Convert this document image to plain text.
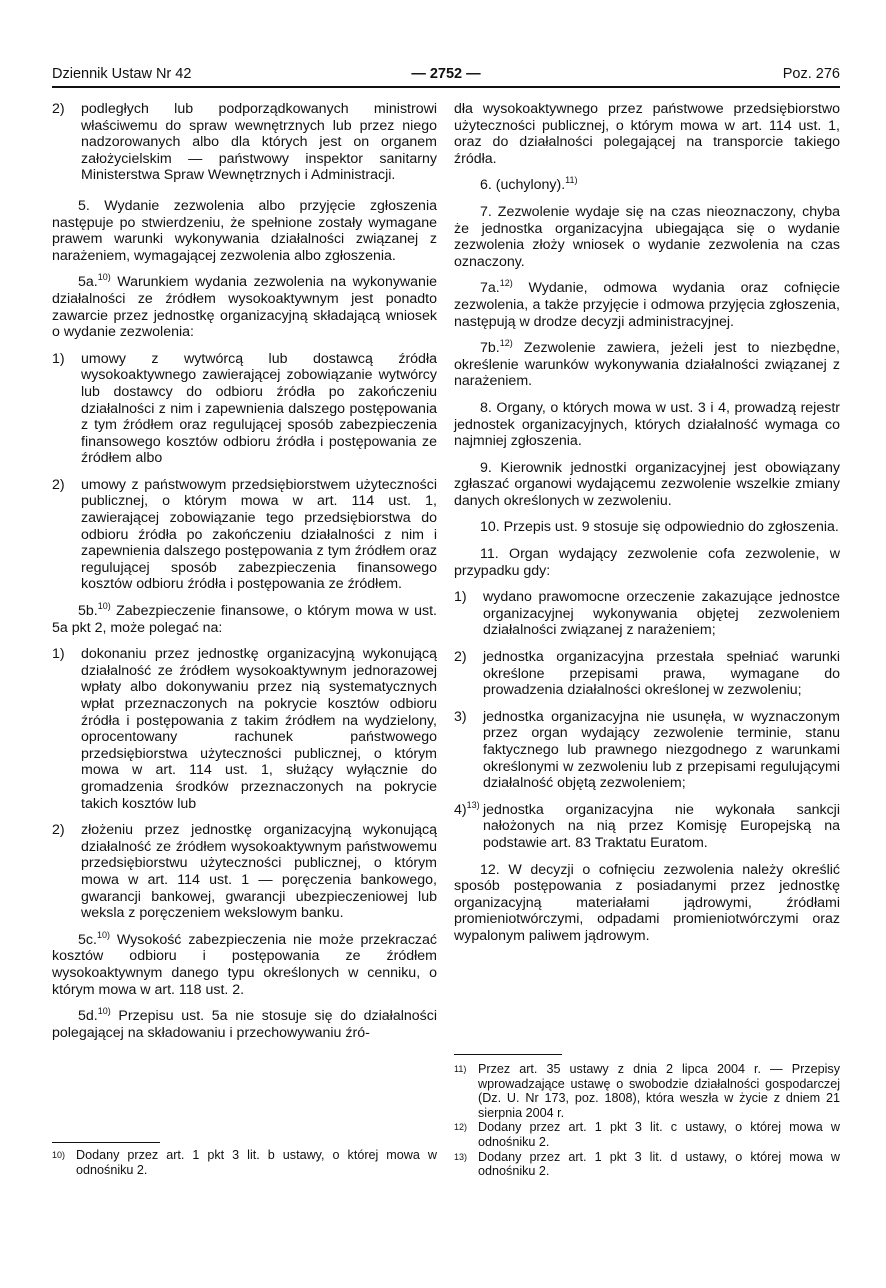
Dziennik Ustaw Nr 42	— 2752 —	Poz. 276
2) podległych lub podporządkowanych ministrowi właściwemu do spraw wewnętrznych lub przez niego nadzorowanych albo dla których jest on organem założycielskim — państwowy inspektor sanitarny Ministerstwa Spraw Wewnętrznych i Administracji.

5. Wydanie zezwolenia albo przyjęcie zgłoszenia następuje po stwierdzeniu, że spełnione zostały wymagane prawem warunki wykonywania działalności związanej z narażeniem, wymagającej zezwolenia albo zgłoszenia.

5a.$^{10)}$ Warunkiem wydania zezwolenia na wykonywanie działalności ze źródłem wysokoaktywnym jest ponadto zawarcie przez jednostkę organizacyjną składającą wniosek o wydanie zezwolenia:

1) umowy z wytwórcą lub dostawcą źródła wysokoaktywnego zawierającej zobowiązanie wytwórcy lub dostawcy do odbioru źródła po zakończeniu działalności z nim i zapewnienia dalszego postępowania z tym źródłem oraz regulującej sposób zabezpieczenia finansowego kosztów odbioru źródła i postępowania ze źródłem albo
2) umowy z państwowym przedsiębiorstwem użyteczności publicznej, o którym mowa w art. 114 ust. 1, zawierającej zobowiązanie tego przedsiębiorstwa do odbioru źródła po zakończeniu działalności z nim i zapewnienia dalszego postępowania z tym źródłem oraz regulującej sposób zabezpieczenia finansowego kosztów odbioru źródła i postępowania ze źródłem.

5b.$^{10)}$ Zabezpieczenie finansowe, o którym mowa w ust. 5a pkt 2, może polegać na:

1) dokonaniu przez jednostkę organizacyjną wykonującą działalność ze źródłem wysokoaktywnym jednorazowej wpłaty albo dokonywaniu przez nią systematycznych wpłat przeznaczonych na pokrycie kosztów odbioru źródła i postępowania z takim źródłem na wydzielony, oprocentowany rachunek państwowego przedsiębiorstwa użyteczności publicznej, o którym mowa w art. 114 ust. 1, służący wyłącznie do gromadzenia środków przeznaczonych na pokrycie takich kosztów lub
2) złożeniu przez jednostkę organizacyjną wykonującą działalność ze źródłem wysokoaktywnym państwowemu przedsiębiorstwu użyteczności publicznej, o którym mowa w art. 114 ust. 1 — poręczenia bankowego, gwarancji bankowej, gwarancji ubezpieczeniowej lub weksla z poręczeniem wekslowym banku.

5c.$^{10)}$ Wysokość zabezpieczenia nie może przekraczać kosztów odbioru i postępowania ze źródłem wysokoaktywnym danego typu określonych w cenniku, o którym mowa w art. 118 ust. 2.

5d.$^{10)}$ Przepisu ust. 5a nie stosuje się do działalności polegającej na składowaniu i przechowywaniu źró-

10) Dodany przez art. 1 pkt 3 lit. b ustawy, o której mowa w odnośniku 2.

dła wysokoaktywnego przez państwowe przedsiębiorstwo użyteczności publicznej, o którym mowa w art. 114 ust. 1, oraz do działalności polegającej na transporcie takiego źródła.

6. (uchylony).$^{11)}$

7. Zezwolenie wydaje się na czas nieoznaczony, chyba że jednostka organizacyjna ubiegająca się o wydanie zezwolenia złoży wniosek o wydanie zezwolenia na czas oznaczony.

7a.$^{12)}$ Wydanie, odmowa wydania oraz cofnięcie zezwolenia, a także przyjęcie i odmowa przyjęcia zgłoszenia, następują w drodze decyzji administracyjnej.

7b.$^{12)}$ Zezwolenie zawiera, jeżeli jest to niezbędne, określenie warunków wykonywania działalności związanej z narażeniem.

8. Organy, o których mowa w ust. 3 i 4, prowadzą rejestr jednostek organizacyjnych, których działalność wymaga co najmniej zgłoszenia.

9. Kierownik jednostki organizacyjnej jest obowiązany zgłaszać organowi wydającemu zezwolenie wszelkie zmiany danych określonych w zezwoleniu.

10. Przepis ust. 9 stosuje się odpowiednio do zgłoszenia.

11. Organ wydający zezwolenie cofa zezwolenie, w przypadku gdy:

1) wydano prawomocne orzeczenie zakazujące jednostce organizacyjnej wykonywania objętej zezwoleniem działalności związanej z narażeniem;
2) jednostka organizacyjna przestała spełniać warunki określone przepisami prawa, wymagane do prowadzenia działalności określonej w zezwoleniu;
3) jednostka organizacyjna nie usunęła, w wyznaczonym przez organ wydający zezwolenie terminie, stanu faktycznego lub prawnego niezgodnego z warunkami określonymi w zezwoleniu lub z przepisami regulującymi działalność objętą zezwoleniem;
4)$^{13)}$ jednostka organizacyjna nie wykonała sankcji nałożonych na nią przez Komisję Europejską na podstawie art. 83 Traktatu Euratom.

12. W decyzji o cofnięciu zezwolenia należy określić sposób postępowania z posiadanymi przez jednostkę organizacyjną materiałami jądrowymi, źródłami promieniotwórczymi, odpadami promieniotwórczymi oraz wypalonym paliwem jądrowym.

11) Przez art. 35 ustawy z dnia 2 lipca 2004 r. — Przepisy wprowadzające ustawę o swobodzie działalności gospodarczej (Dz. U. Nr 173, poz. 1808), która weszła w życie z dniem 21 sierpnia 2004 r.
12) Dodany przez art. 1 pkt 3 lit. c ustawy, o której mowa w odnośniku 2.
13) Dodany przez art. 1 pkt 3 lit. d ustawy, o której mowa w odnośniku 2.
